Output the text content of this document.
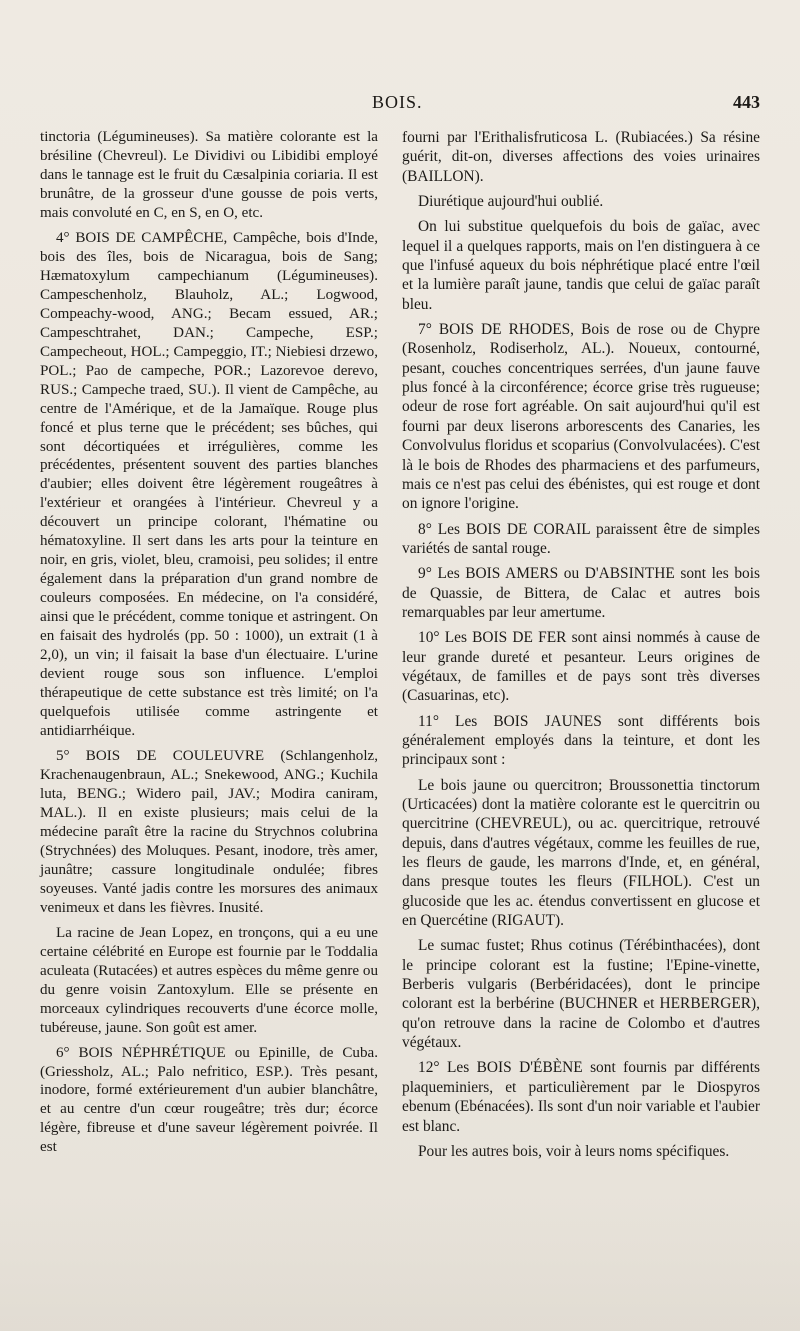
BOIS.	443

tinctoria (Légumineuses). Sa matière colorante est la brésiline (Chevreul). Le Dividivi ou Libidibi employé dans le tannage est le fruit du Cæsalpinia coriaria. Il est brunâtre, de la grosseur d'une gousse de pois verts, mais convoluté en C, en S, en O, etc.

4° BOIS DE CAMPÊCHE, Campêche, bois d'Inde, bois des îles, bois de Nicaragua, bois de Sang; Hæmatoxylum campechianum (Légumineuses). Campeschenholz, Blauholz, AL.; Logwood, Compeachy-wood, ANG.; Becam essued, AR.; Campeschtrahet, DAN.; Campeche, ESP.; Campecheout, HOL.; Campeggio, IT.; Niebiesi drzewo, POL.; Pao de campeche, POR.; Lazorevoe derevo, RUS.; Campeche traed, SU.). Il vient de Campêche, au centre de l'Amérique, et de la Jamaïque. Rouge plus foncé et plus terne que le précédent; ses bûches, qui sont décortiquées et irrégulières, comme les précédentes, présentent souvent des parties blanches d'aubier; elles doivent être légèrement rougeâtres à l'extérieur et orangées à l'intérieur. Chevreul y a découvert un principe colorant, l'hématine ou hématoxyline. Il sert dans les arts pour la teinture en noir, en gris, violet, bleu, cramoisi, peu solides; il entre également dans la préparation d'un grand nombre de couleurs composées. En médecine, on l'a considéré, ainsi que le précédent, comme tonique et astringent. On en faisait des hydrolés (pp. 50 : 1000), un extrait (1 à 2,0), un vin; il faisait la base d'un électuaire. L'urine devient rouge sous son influence. L'emploi thérapeutique de cette substance est très limité; on l'a quelquefois utilisée comme astringente et antidiarrhéique.

5° BOIS DE COULEUVRE (Schlangenholz, Krachenaugenbraun, AL.; Snekewood, ANG.; Kuchila luta, BENG.; Widero pail, JAV.; Modira caniram, MAL.). Il en existe plusieurs; mais celui de la médecine paraît être la racine du Strychnos colubrina (Strychnées) des Moluques. Pesant, inodore, très amer, jaunâtre; cassure longitudinale ondulée; fibres soyeuses. Vanté jadis contre les morsures des animaux venimeux et dans les fièvres. Inusité.

La racine de Jean Lopez, en tronçons, qui a eu une certaine célébrité en Europe est fournie par le Toddalia aculeata (Rutacées) et autres espèces du même genre ou du genre voisin Zantoxylum. Elle se présente en morceaux cylindriques recouverts d'une écorce molle, tubéreuse, jaune. Son goût est amer.

6° BOIS NÉPHRÉTIQUE ou Epinille, de Cuba. (Griessholz, AL.; Palo nefritico, ESP.). Très pesant, inodore, formé extérieurement d'un aubier blanchâtre, et au centre d'un cœur rougeâtre; très dur; écorce légère, fibreuse et d'une saveur légèrement poivrée. Il est

fourni par l'Erithalisfruticosa L. (Rubiacées.) Sa résine guérit, dit-on, diverses affections des voies urinaires (BAILLON).

Diurétique aujourd'hui oublié.

On lui substitue quelquefois du bois de gaïac, avec lequel il a quelques rapports, mais on l'en distinguera à ce que l'infusé aqueux du bois néphrétique placé entre l'œil et la lumière paraît jaune, tandis que celui de gaïac paraît bleu.

7° BOIS DE RHODES, Bois de rose ou de Chypre (Rosenholz, Rodiserholz, AL.). Noueux, contourné, pesant, couches concentriques serrées, d'un jaune fauve plus foncé à la circonférence; écorce grise très rugueuse; odeur de rose fort agréable. On sait aujourd'hui qu'il est fourni par deux liserons arborescents des Canaries, les Convolvulus floridus et scoparius (Convolvulacées). C'est là le bois de Rhodes des pharmaciens et des parfumeurs, mais ce n'est pas celui des ébénistes, qui est rouge et dont on ignore l'origine.

8° Les BOIS DE CORAIL paraissent être de simples variétés de santal rouge.

9° Les BOIS AMERS ou D'ABSINTHE sont les bois de Quassie, de Bittera, de Calac et autres bois remarquables par leur amertume.

10° Les BOIS DE FER sont ainsi nommés à cause de leur grande dureté et pesanteur. Leurs origines de végétaux, de familles et de pays sont très diverses (Casuarinas, etc).

11° Les BOIS JAUNES sont différents bois généralement employés dans la teinture, et dont les principaux sont :

Le bois jaune ou quercitron; Broussonettia tinctorum (Urticacées) dont la matière colorante est le quercitrin ou quercitrine (CHEVREUL), ou ac. quercitrique, retrouvé depuis, dans d'autres végétaux, comme les feuilles de rue, les fleurs de gaude, les marrons d'Inde, et, en général, dans presque toutes les fleurs (FILHOL). C'est un glucoside que les ac. étendus convertissent en glucose et en Quercétine (RIGAUT).

Le sumac fustet; Rhus cotinus (Térébinthacées), dont le principe colorant est la fustine; l'Epine-vinette, Berberis vulgaris (Berbéridacées), dont le principe colorant est la berbérine (BUCHNER et HERBERGER), qu'on retrouve dans la racine de Colombo et d'autres végétaux.

12° Les BOIS D'ÉBÈNE sont fournis par différents plaqueminiers, et particulièrement par le Diospyros ebenum (Ebénacées). Ils sont d'un noir variable et l'aubier est blanc.

Pour les autres bois, voir à leurs noms spécifiques.
